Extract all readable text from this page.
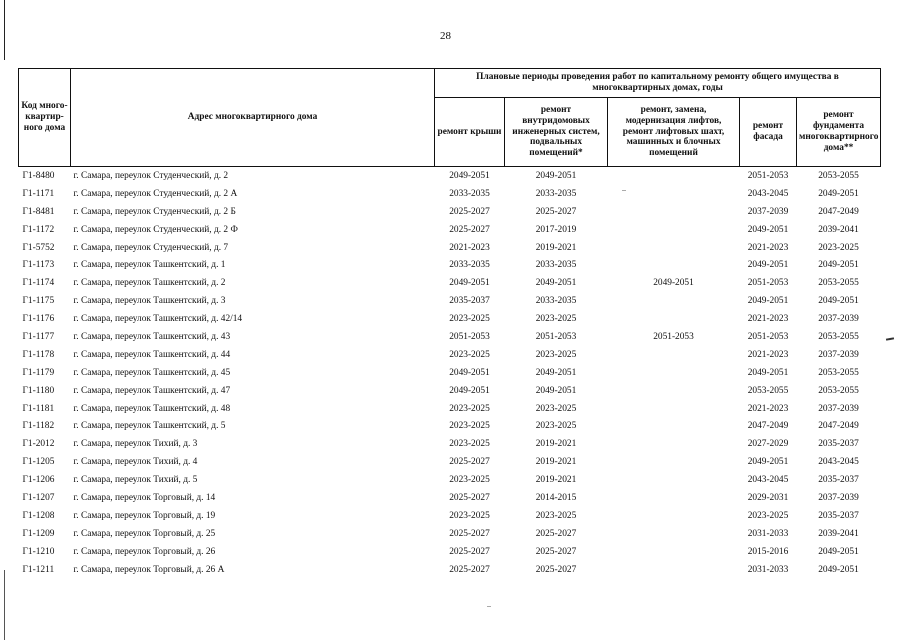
28
Код много-квартир-ного дома	Адрес многоквартирного дома	Плановые периоды проведения работ по капитальному ремонту общего имущества в многоквартирных домах, годы				
		ремонт крыши	ремонт внутридомовых инженерных систем, подвальных помещений*	ремонт, замена, модернизация лифтов, ремонт лифтовых шахт, машинных и блочных помещений	ремонт фасада	ремонт фундамента многоквартирного дома**
Г1-8480	г. Самара, переулок Студенческий, д. 2	2049-2051	2049-2051		2051-2053	2053-2055
Г1-1171	г. Самара, переулок Студенческий, д. 2 А	2033-2035	2033-2035		2043-2045	2049-2051
Г1-8481	г. Самара, переулок Студенческий, д. 2 Б	2025-2027	2025-2027		2037-2039	2047-2049
Г1-1172	г. Самара, переулок Студенческий, д. 2 Ф	2025-2027	2017-2019		2049-2051	2039-2041
Г1-5752	г. Самара, переулок Студенческий, д. 7	2021-2023	2019-2021		2021-2023	2023-2025
Г1-1173	г. Самара, переулок Ташкентский, д. 1	2033-2035	2033-2035		2049-2051	2049-2051
Г1-1174	г. Самара, переулок Ташкентский, д. 2	2049-2051	2049-2051	2049-2051	2051-2053	2053-2055
Г1-1175	г. Самара, переулок Ташкентский, д. 3	2035-2037	2033-2035		2049-2051	2049-2051
Г1-1176	г. Самара, переулок Ташкентский, д. 42/14	2023-2025	2023-2025		2021-2023	2037-2039
Г1-1177	г. Самара, переулок Ташкентский, д. 43	2051-2053	2051-2053	2051-2053	2051-2053	2053-2055
Г1-1178	г. Самара, переулок Ташкентский, д. 44	2023-2025	2023-2025		2021-2023	2037-2039
Г1-1179	г. Самара, переулок Ташкентский, д. 45	2049-2051	2049-2051		2049-2051	2053-2055
Г1-1180	г. Самара, переулок Ташкентский, д. 47	2049-2051	2049-2051		2053-2055	2053-2055
Г1-1181	г. Самара, переулок Ташкентский, д. 48	2023-2025	2023-2025		2021-2023	2037-2039
Г1-1182	г. Самара, переулок Ташкентский, д. 5	2023-2025	2023-2025		2047-2049	2047-2049
Г1-2012	г. Самара, переулок Тихий, д. 3	2023-2025	2019-2021		2027-2029	2035-2037
Г1-1205	г. Самара, переулок Тихий, д. 4	2025-2027	2019-2021		2049-2051	2043-2045
Г1-1206	г. Самара, переулок Тихий, д. 5	2023-2025	2019-2021		2043-2045	2035-2037
Г1-1207	г. Самара, переулок Торговый, д. 14	2025-2027	2014-2015		2029-2031	2037-2039
Г1-1208	г. Самара, переулок Торговый, д. 19	2023-2025	2023-2025		2023-2025	2035-2037
Г1-1209	г. Самара, переулок Торговый, д. 25	2025-2027	2025-2027		2031-2033	2039-2041
Г1-1210	г. Самара, переулок Торговый, д. 26	2025-2027	2025-2027		2015-2016	2049-2051
Г1-1211	г. Самара, переулок Торговый, д. 26 А	2025-2027	2025-2027		2031-2033	2049-2051
